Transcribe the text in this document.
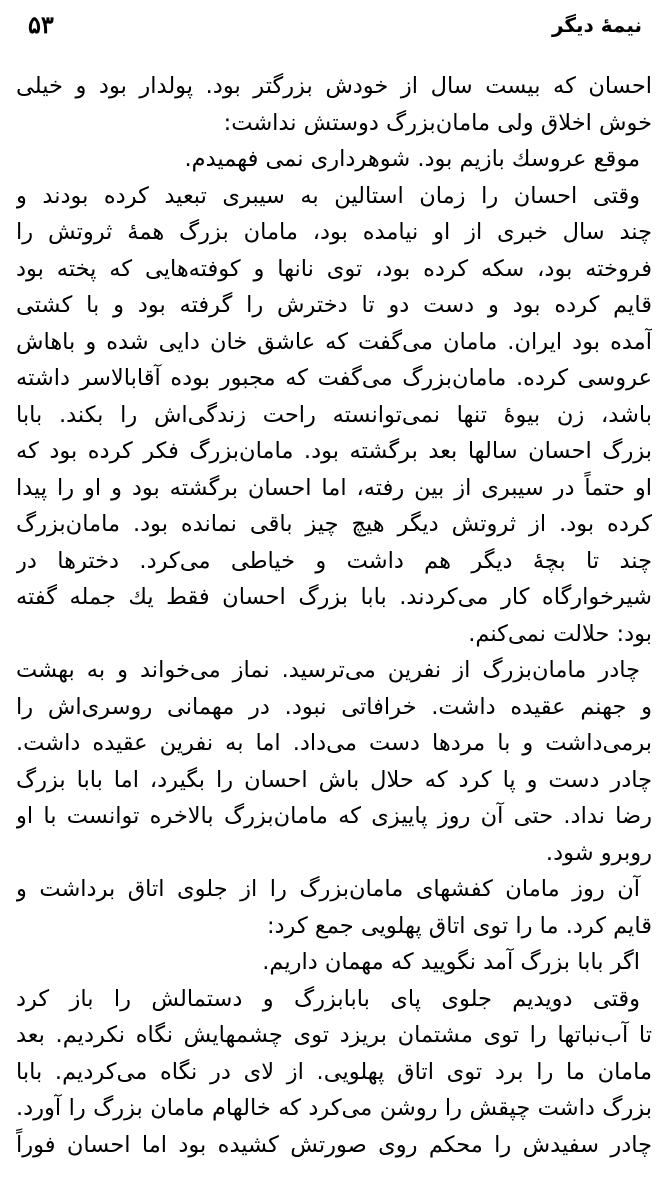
۵۳	نیمهٔ دیگر
احسان که بیست سال از خودش بزرگتر بود. پولدار بود و خیلی
خوش اخلاق ولی ماما‌ن‌بزرگ دوستش نداشت:
موقع عروسك بازیم بود. شوهرداری نمی فهمیدم.
وقتی احسان را زمان استالین به سیبری تبعید کرده بودند و
چند سال خبری از او نیامده بود، ماما‌ن بزرگ همهٔ ثروتش را
فروخته بود، سکه کرده بود، توی نانها و کوفته‌هایی که پخته بود
قایم کرده بود و دست دو تا دخترش را گرفته بود و با کشتی
آمده بود ایران. مامان می‌گفت که عاشق خان دایی شده و باهاش
عروسی کرده. ماما‌ن‌بزرگ می‌گفت که مجبور بوده آقابالاسر داشته
باشد، زن بیوهٔ تنها نمی‌توانسته راحت زندگی‌اش را بکند. بابا
بزرگ احسان سالها بعد برگشته بود. ماما‌ن‌بزرگ فکر کرده بود که
او حتماً در سیبری از بین رفته، اما احسان برگشته بود و او را پیدا
کرده بود. از ثروتش دیگر هیچ چیز باقی نمانده بود. ماما‌ن‌بزرگ
چند تا بچهٔ دیگر هم داشت و خیاطی می‌کرد. دخترها در
شیرخوارگاه کار می‌کردند. بابا بزرگ احسان فقط یك جمله گفته
بود: حلالت نمی‌کنم.
چادر ماما‌ن‌بزرگ از نفرین می‌ترسید. نماز می‌خواند و به بهشت
و جهنم عقیده داشت. خرافاتی نبود. در مهمانی روسری‌اش را
برمی‌داشت و با مردها دست می‌داد. اما به نفرین عقیده داشت.
چادر دست و پا کرد که حلال باش احسان را بگیرد، اما بابا بزرگ
رضا نداد. حتی آن روز پاییزی که ماما‌ن‌بزرگ بالاخره توانست با او
روبرو شود.
آن روز مامان کفشهای ماما‌ن‌بزرگ را از جلوی اتاق برداشت و
قایم کرد. ما را توی اتاق پهلویی جمع کرد:
اگر بابا بزرگ آمد نگویید که مهمان داریم.
وقتی دویدیم جلوی پای بابابزرگ و دستمالش را باز کرد
تا آب‌نباتها را توی مشتمان بریزد توی چشمهایش نگاه نکردیم. بعد
مامان ما را برد توی اتاق پهلویی. از لای در نگاه می‌کردیم. بابا
بزرگ داشت چپقش را روشن می‌کرد که خالهام ماما‌ن بزرگ را آورد.
چادر سفیدش را محکم روی صورتش کشیده بود اما احسان فوراً
